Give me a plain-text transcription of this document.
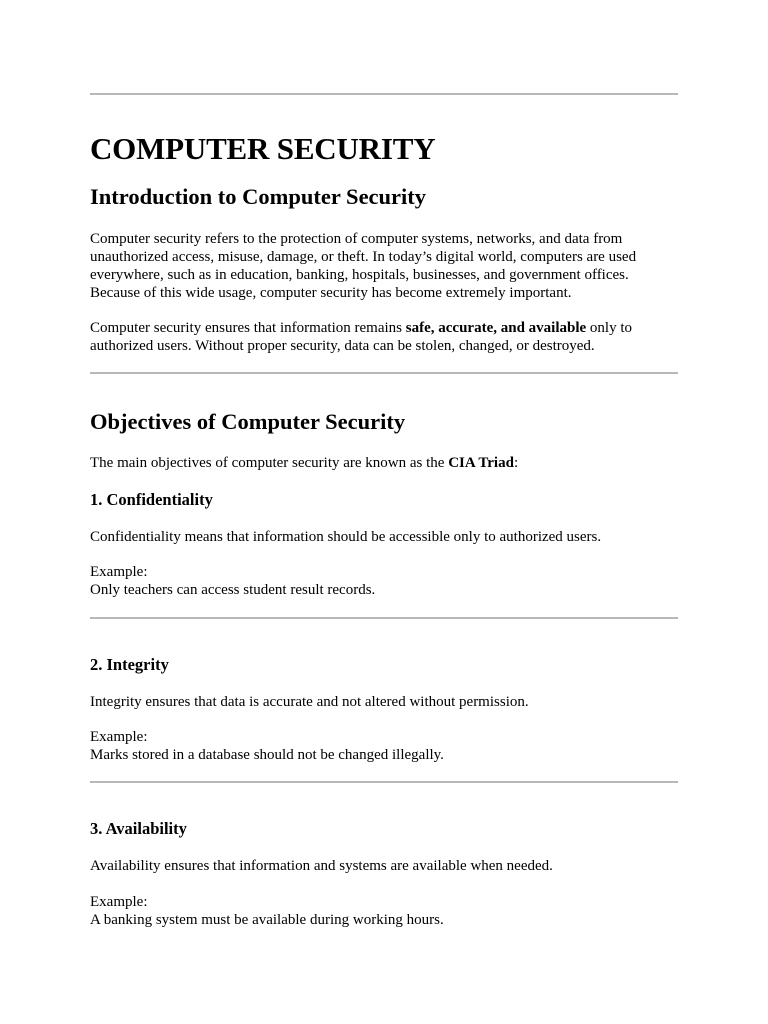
COMPUTER SECURITY
Introduction to Computer Security

Computer security refers to the protection of computer systems, networks, and data from unauthorized access, misuse, damage, or theft. In today’s digital world, computers are used everywhere, such as in education, banking, hospitals, businesses, and government offices. Because of this wide usage, computer security has become extremely important.

Computer security ensures that information remains safe, accurate, and available only to authorized users. Without proper security, data can be stolen, changed, or destroyed.

Objectives of Computer Security

The main objectives of computer security are known as the CIA Triad:

1. Confidentiality

Confidentiality means that information should be accessible only to authorized users.

Example:
Only teachers can access student result records.

2. Integrity

Integrity ensures that data is accurate and not altered without permission.

Example:
Marks stored in a database should not be changed illegally.

3. Availability

Availability ensures that information and systems are available when needed.

Example:
A banking system must be available during working hours.
